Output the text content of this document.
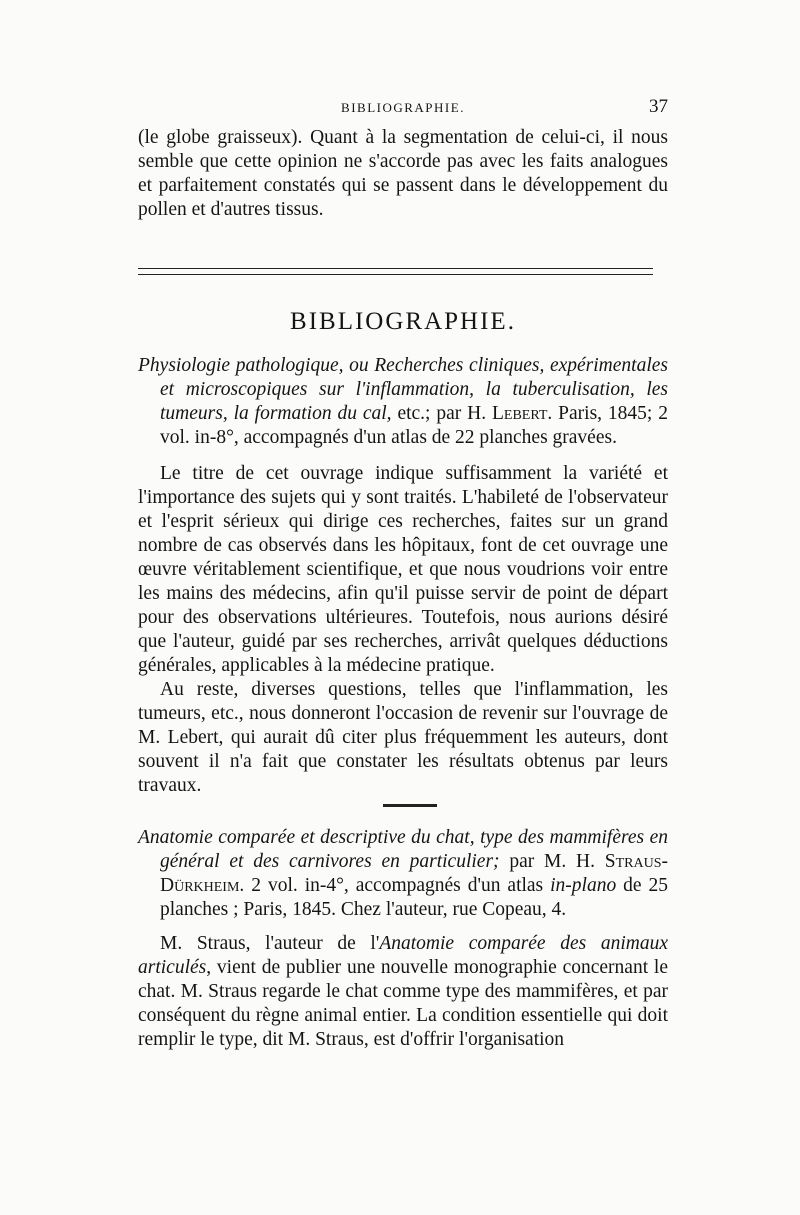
BIBLIOGRAPHIE.	37

(le globe graisseux). Quant à la segmentation de celui-ci, il nous semble que cette opinion ne s'accorde pas avec les faits analogues et parfaitement constatés qui se passent dans le développement du pollen et d'autres tissus.

BIBLIOGRAPHIE.

Physiologie pathologique, ou Recherches cliniques, expérimentales et microscopiques sur l'inflammation, la tuberculisation, les tumeurs, la formation du cal, etc.; par H. Lebert. Paris, 1845; 2 vol. in-8°, accompagnés d'un atlas de 22 planches gravées.

Le titre de cet ouvrage indique suffisamment la variété et l'importance des sujets qui y sont traités. L'habileté de l'observateur et l'esprit sérieux qui dirige ces recherches, faites sur un grand nombre de cas observés dans les hôpitaux, font de cet ouvrage une œuvre véritablement scientifique, et que nous voudrions voir entre les mains des médecins, afin qu'il puisse servir de point de départ pour des observations ultérieures. Toutefois, nous aurions désiré que l'auteur, guidé par ses recherches, arrivât quelques déductions générales, applicables à la médecine pratique.

Au reste, diverses questions, telles que l'inflammation, les tumeurs, etc., nous donneront l'occasion de revenir sur l'ouvrage de M. Lebert, qui aurait dû citer plus fréquemment les auteurs, dont souvent il n'a fait que constater les résultats obtenus par leurs travaux.

Anatomie comparée et descriptive du chat, type des mammifères en général et des carnivores en particulier; par M. H. Straus-Dürkheim. 2 vol. in-4°, accompagnés d'un atlas in-plano de 25 planches ; Paris, 1845. Chez l'auteur, rue Copeau, 4.

M. Straus, l'auteur de l'Anatomie comparée des animaux articulés, vient de publier une nouvelle monographie concernant le chat. M. Straus regarde le chat comme type des mammifères, et par conséquent du règne animal entier. La condition essentielle qui doit remplir le type, dit M. Straus, est d'offrir l'organisation
